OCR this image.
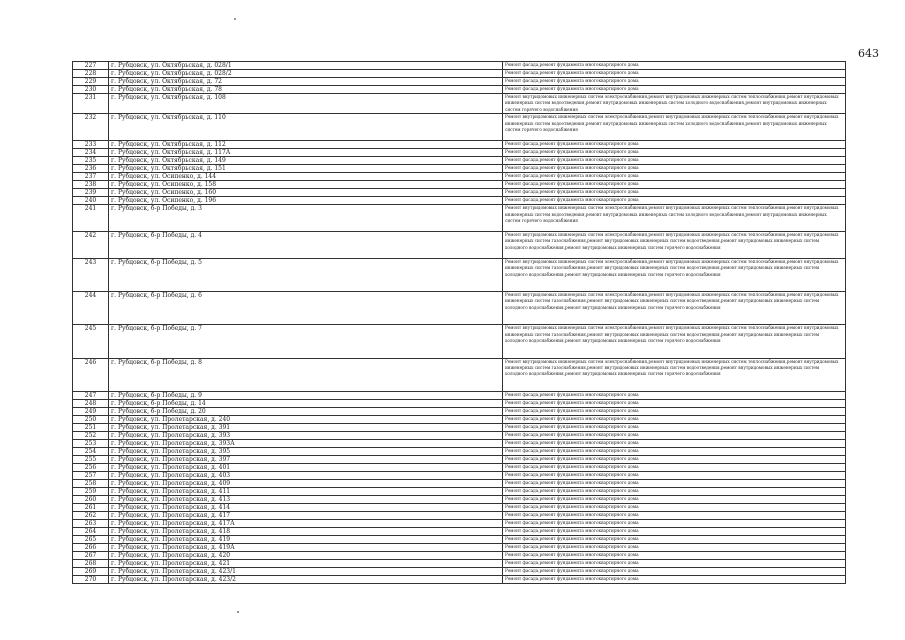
643
227	г. Рубцовск, ул. Октябрьская, д. 028/1	Ремонт фасада,ремонт фундамента многоквартирного дома
228	г. Рубцовск, ул. Октябрьская, д. 028/2	Ремонт фасада,ремонт фундамента многоквартирного дома
229	г. Рубцовск, ул. Октябрьская, д. 72	Ремонт фасада,ремонт фундамента многоквартирного дома
230	г. Рубцовск, ул. Октябрьская, д. 78	Ремонт фасада,ремонт фундамента многоквартирного дома
231	г. Рубцовск, ул. Октябрьская, д. 108	Ремонт внутридомовых инженерных систем электроснабжения,ремонт внутридомовых инженерных систем теплоснабжения,ремонт внутридомовых инженерных систем водоотведения,ремонт внутридомовых инженерных систем холодного водоснабжения,ремонт внутридомовых инженерных систем горячего водоснабжения
232	г. Рубцовск, ул. Октябрьская, д. 110	Ремонт внутридомовых инженерных систем электроснабжения,ремонт внутридомовых инженерных систем теплоснабжения,ремонт внутридомовых инженерных систем водоотведения,ремонт внутридомовых инженерных систем холодного водоснабжения,ремонт внутридомовых инженерных систем горячего водоснабжения
233	г. Рубцовск, ул. Октябрьская, д. 112	Ремонт фасада,ремонт фундамента многоквартирного дома
234	г. Рубцовск, ул. Октябрьская, д. 117А	Ремонт фасада,ремонт фундамента многоквартирного дома
235	г. Рубцовск, ул. Октябрьская, д. 149	Ремонт фасада,ремонт фундамента многоквартирного дома
236	г. Рубцовск, ул. Октябрьская, д. 151	Ремонт фасада,ремонт фундамента многоквартирного дома
237	г. Рубцовск, ул. Осипенко, д. 144	Ремонт фасада,ремонт фундамента многоквартирного дома
238	г. Рубцовск, ул. Осипенко, д. 158	Ремонт фасада,ремонт фундамента многоквартирного дома
239	г. Рубцовск, ул. Осипенко, д. 160	Ремонт фасада,ремонт фундамента многоквартирного дома
240	г. Рубцовск, ул. Осипенко, д. 196	Ремонт фасада,ремонт фундамента многоквартирного дома
241	г. Рубцовск, б-р Победы, д. 3	Ремонт внутридомовых инженерных систем электроснабжения,ремонт внутридомовых инженерных систем теплоснабжения,ремонт внутридомовых инженерных систем водоотведения,ремонт внутридомовых инженерных систем холодного водоснабжения,ремонт внутридомовых инженерных систем горячего водоснабжения
242	г. Рубцовск, б-р Победы, д. 4	Ремонт внутридомовых инженерных систем электроснабжения,ремонт внутридомовых инженерных систем теплоснабжения,ремонт внутридомовых инженерных систем газоснабжения,ремонт внутридомовых инженерных систем водоотведения,ремонт внутридомовых инженерных систем холодного водоснабжения,ремонт внутридомовых инженерных систем горячего водоснабжения
243	г. Рубцовск, б-р Победы, д. 5	Ремонт внутридомовых инженерных систем электроснабжения,ремонт внутридомовых инженерных систем теплоснабжения,ремонт внутридомовых инженерных систем газоснабжения,ремонт внутридомовых инженерных систем водоотведения,ремонт внутридомовых инженерных систем холодного водоснабжения,ремонт внутридомовых инженерных систем горячего водоснабжения
244	г. Рубцовск, б-р Победы, д. 6	Ремонт внутридомовых инженерных систем электроснабжения,ремонт внутридомовых инженерных систем теплоснабжения,ремонт внутридомовых инженерных систем газоснабжения,ремонт внутридомовых инженерных систем водоотведения,ремонт внутридомовых инженерных систем холодного водоснабжения,ремонт внутридомовых инженерных систем горячего водоснабжения
245	г. Рубцовск, б-р Победы, д. 7	Ремонт внутридомовых инженерных систем электроснабжения,ремонт внутридомовых инженерных систем теплоснабжения,ремонт внутридомовых инженерных систем газоснабжения,ремонт внутридомовых инженерных систем водоотведения,ремонт внутридомовых инженерных систем холодного водоснабжения,ремонт внутридомовых инженерных систем горячего водоснабжения
246	г. Рубцовск, б-р Победы, д. 8	Ремонт внутридомовых инженерных систем электроснабжения,ремонт внутридомовых инженерных систем теплоснабжения,ремонт внутридомовых инженерных систем газоснабжения,ремонт внутридомовых инженерных систем водоотведения,ремонт внутридомовых инженерных систем холодного водоснабжения,ремонт внутридомовых инженерных систем горячего водоснабжения
247	г. Рубцовск, б-р Победы, д. 9	Ремонт фасада,ремонт фундамента многоквартирного дома
248	г. Рубцовск, б-р Победы, д. 14	Ремонт фасада,ремонт фундамента многоквартирного дома
249	г. Рубцовск, б-р Победы, д. 20	Ремонт фасада,ремонт фундамента многоквартирного дома
250	г. Рубцовск, ул. Пролетарская, д. 240	Ремонт фасада,ремонт фундамента многоквартирного дома
251	г. Рубцовск, ул. Пролетарская, д. 391	Ремонт фасада,ремонт фундамента многоквартирного дома
252	г. Рубцовск, ул. Пролетарская, д. 393	Ремонт фасада,ремонт фундамента многоквартирного дома
253	г. Рубцовск, ул. Пролетарская, д. 393А	Ремонт фасада,ремонт фундамента многоквартирного дома
254	г. Рубцовск, ул. Пролетарская, д. 395	Ремонт фасада,ремонт фундамента многоквартирного дома
255	г. Рубцовск, ул. Пролетарская, д. 397	Ремонт фасада,ремонт фундамента многоквартирного дома
256	г. Рубцовск, ул. Пролетарская, д. 401	Ремонт фасада,ремонт фундамента многоквартирного дома
257	г. Рубцовск, ул. Пролетарская, д. 403	Ремонт фасада,ремонт фундамента многоквартирного дома
258	г. Рубцовск, ул. Пролетарская, д. 409	Ремонт фасада,ремонт фундамента многоквартирного дома
259	г. Рубцовск, ул. Пролетарская, д. 411	Ремонт фасада,ремонт фундамента многоквартирного дома
260	г. Рубцовск, ул. Пролетарская, д. 413	Ремонт фасада,ремонт фундамента многоквартирного дома
261	г. Рубцовск, ул. Пролетарская, д. 414	Ремонт фасада,ремонт фундамента многоквартирного дома
262	г. Рубцовск, ул. Пролетарская, д. 417	Ремонт фасада,ремонт фундамента многоквартирного дома
263	г. Рубцовск, ул. Пролетарская, д. 417А	Ремонт фасада,ремонт фундамента многоквартирного дома
264	г. Рубцовск, ул. Пролетарская, д. 418	Ремонт фасада,ремонт фундамента многоквартирного дома
265	г. Рубцовск, ул. Пролетарская, д. 419	Ремонт фасада,ремонт фундамента многоквартирного дома
266	г. Рубцовск, ул. Пролетарская, д. 419А	Ремонт фасада,ремонт фундамента многоквартирного дома
267	г. Рубцовск, ул. Пролетарская, д. 420	Ремонт фасада,ремонт фундамента многоквартирного дома
268	г. Рубцовск, ул. Пролетарская, д. 421	Ремонт фасада,ремонт фундамента многоквартирного дома
269	г. Рубцовск, ул. Пролетарская, д. 423/1	Ремонт фасада,ремонт фундамента многоквартирного дома
270	г. Рубцовск, ул. Пролетарская, д. 423/2	Ремонт фасада,ремонт фундамента многоквартирного дома
